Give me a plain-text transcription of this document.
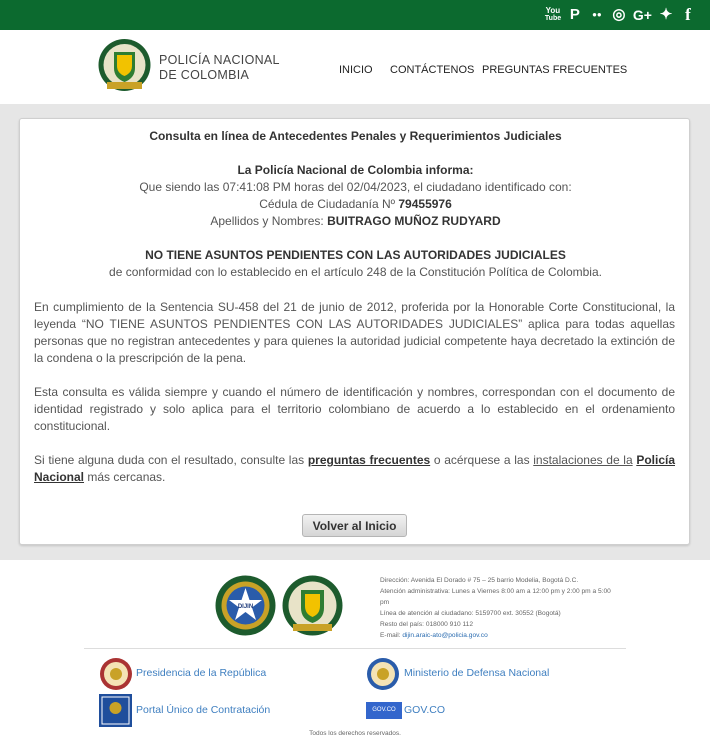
You
Tube P	●● ◎ G+ ✦ f
POLICÍA NACIONAL
DE COLOMBIA	INICIO CONTÁCTENOS PREGUNTAS FRECUENTES
Consulta en línea de Antecedentes Penales y Requerimientos Judiciales
La Policía Nacional de Colombia informa:
Que siendo las 07:41:08 PM horas del 02/04/2023, el ciudadano identificado con:
Cédula de Ciudadanía Nº 79455976
Apellidos y Nombres: BUITRAGO MUÑOZ RUDYARD
NO TIENE ASUNTOS PENDIENTES CON LAS AUTORIDADES JUDICIALES
de conformidad con lo establecido en el artículo 248 de la Constitución Política de Colombia.
En cumplimiento de la Sentencia SU-458 del 21 de junio de 2012, proferida por la Honorable Corte Constitucional, la leyenda “NO TIENE ASUNTOS PENDIENTES CON LAS AUTORIDADES JUDICIALES” aplica para todas aquellas personas que no registran antecedentes y para quienes la autoridad judicial competente haya decretado la extinción de la condena o la prescripción de la pena.
Esta consulta es válida siempre y cuando el número de identificación y nombres, correspondan con el documento de identidad registrado y solo aplica para el territorio colombiano de acuerdo a lo establecido en el ordenamiento constitucional.
Si tiene alguna duda con el resultado, consulte las preguntas frecuentes o acérquese a las instalaciones de la Policía Nacional más cercanas.
Volver al Inicio
DIJIN
Dirección: Avenida El Dorado # 75 – 25 barrio Modelia, Bogotá D.C.
Atención administrativa: Lunes a Viernes 8:00 am a 12:00 pm y 2:00 pm a 5:00 pm
Línea de atención al ciudadano: 5159700 ext. 30552 (Bogotá)
Resto del país: 018000 910 112
E-mail: dijin.araic-ato@policia.gov.co
Presidencia de la República	Ministerio de Defensa Nacional
Portal Único de Contratación	GOV.CO GOV.CO
Todos los derechos reservados.
